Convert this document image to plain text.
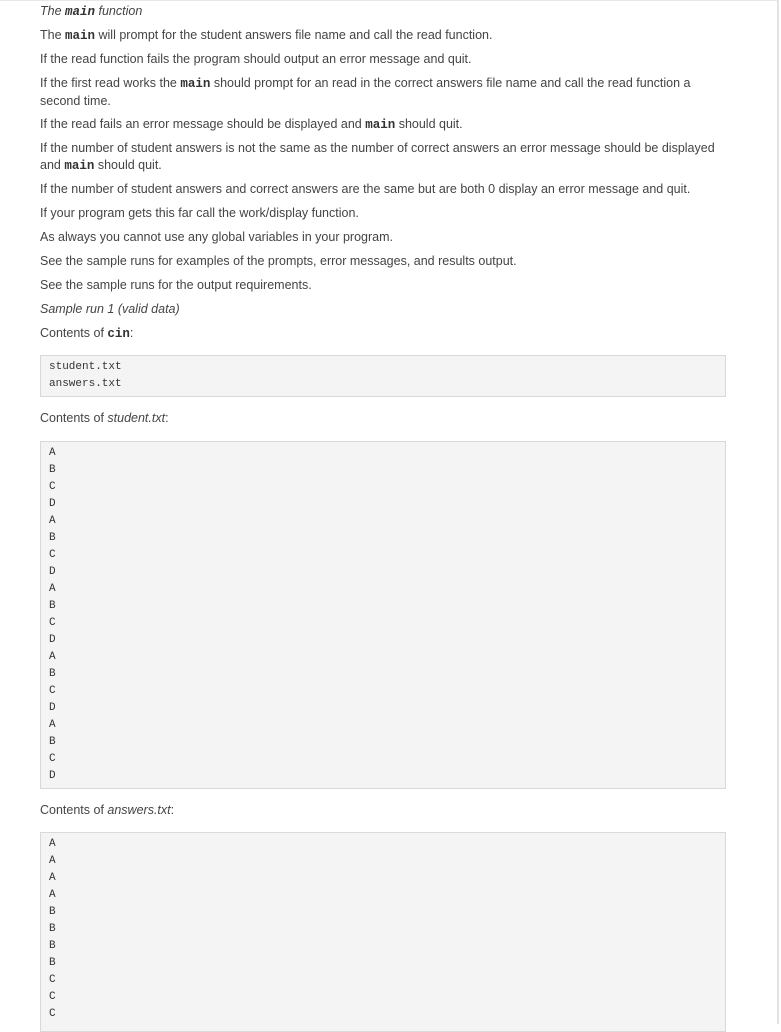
The main function
The main will prompt for the student answers file name and call the read function.
If the read function fails the program should output an error message and quit.
If the first read works the main should prompt for an read in the correct answers file name and call the read function a
second time.
If the read fails an error message should be displayed and main should quit.
If the number of student answers is not the same as the number of correct answers an error message should be displayed
and main should quit.
If the number of student answers and correct answers are the same but are both 0 display an error message and quit.
If your program gets this far call the work/display function.
As always you cannot use any global variables in your program.
See the sample runs for examples of the prompts, error messages, and results output.
See the sample runs for the output requirements.
Sample run 1 (valid data)
Contents of cin:
Contents of student.txt:
Contents of answers.txt:
student.txt
answers.txt
A
B
C
D
A
B
C
D
A
B
C
D
A
B
C
D
A
B
C
D
A
A
A
A
B
B
B
B
C
C
C
